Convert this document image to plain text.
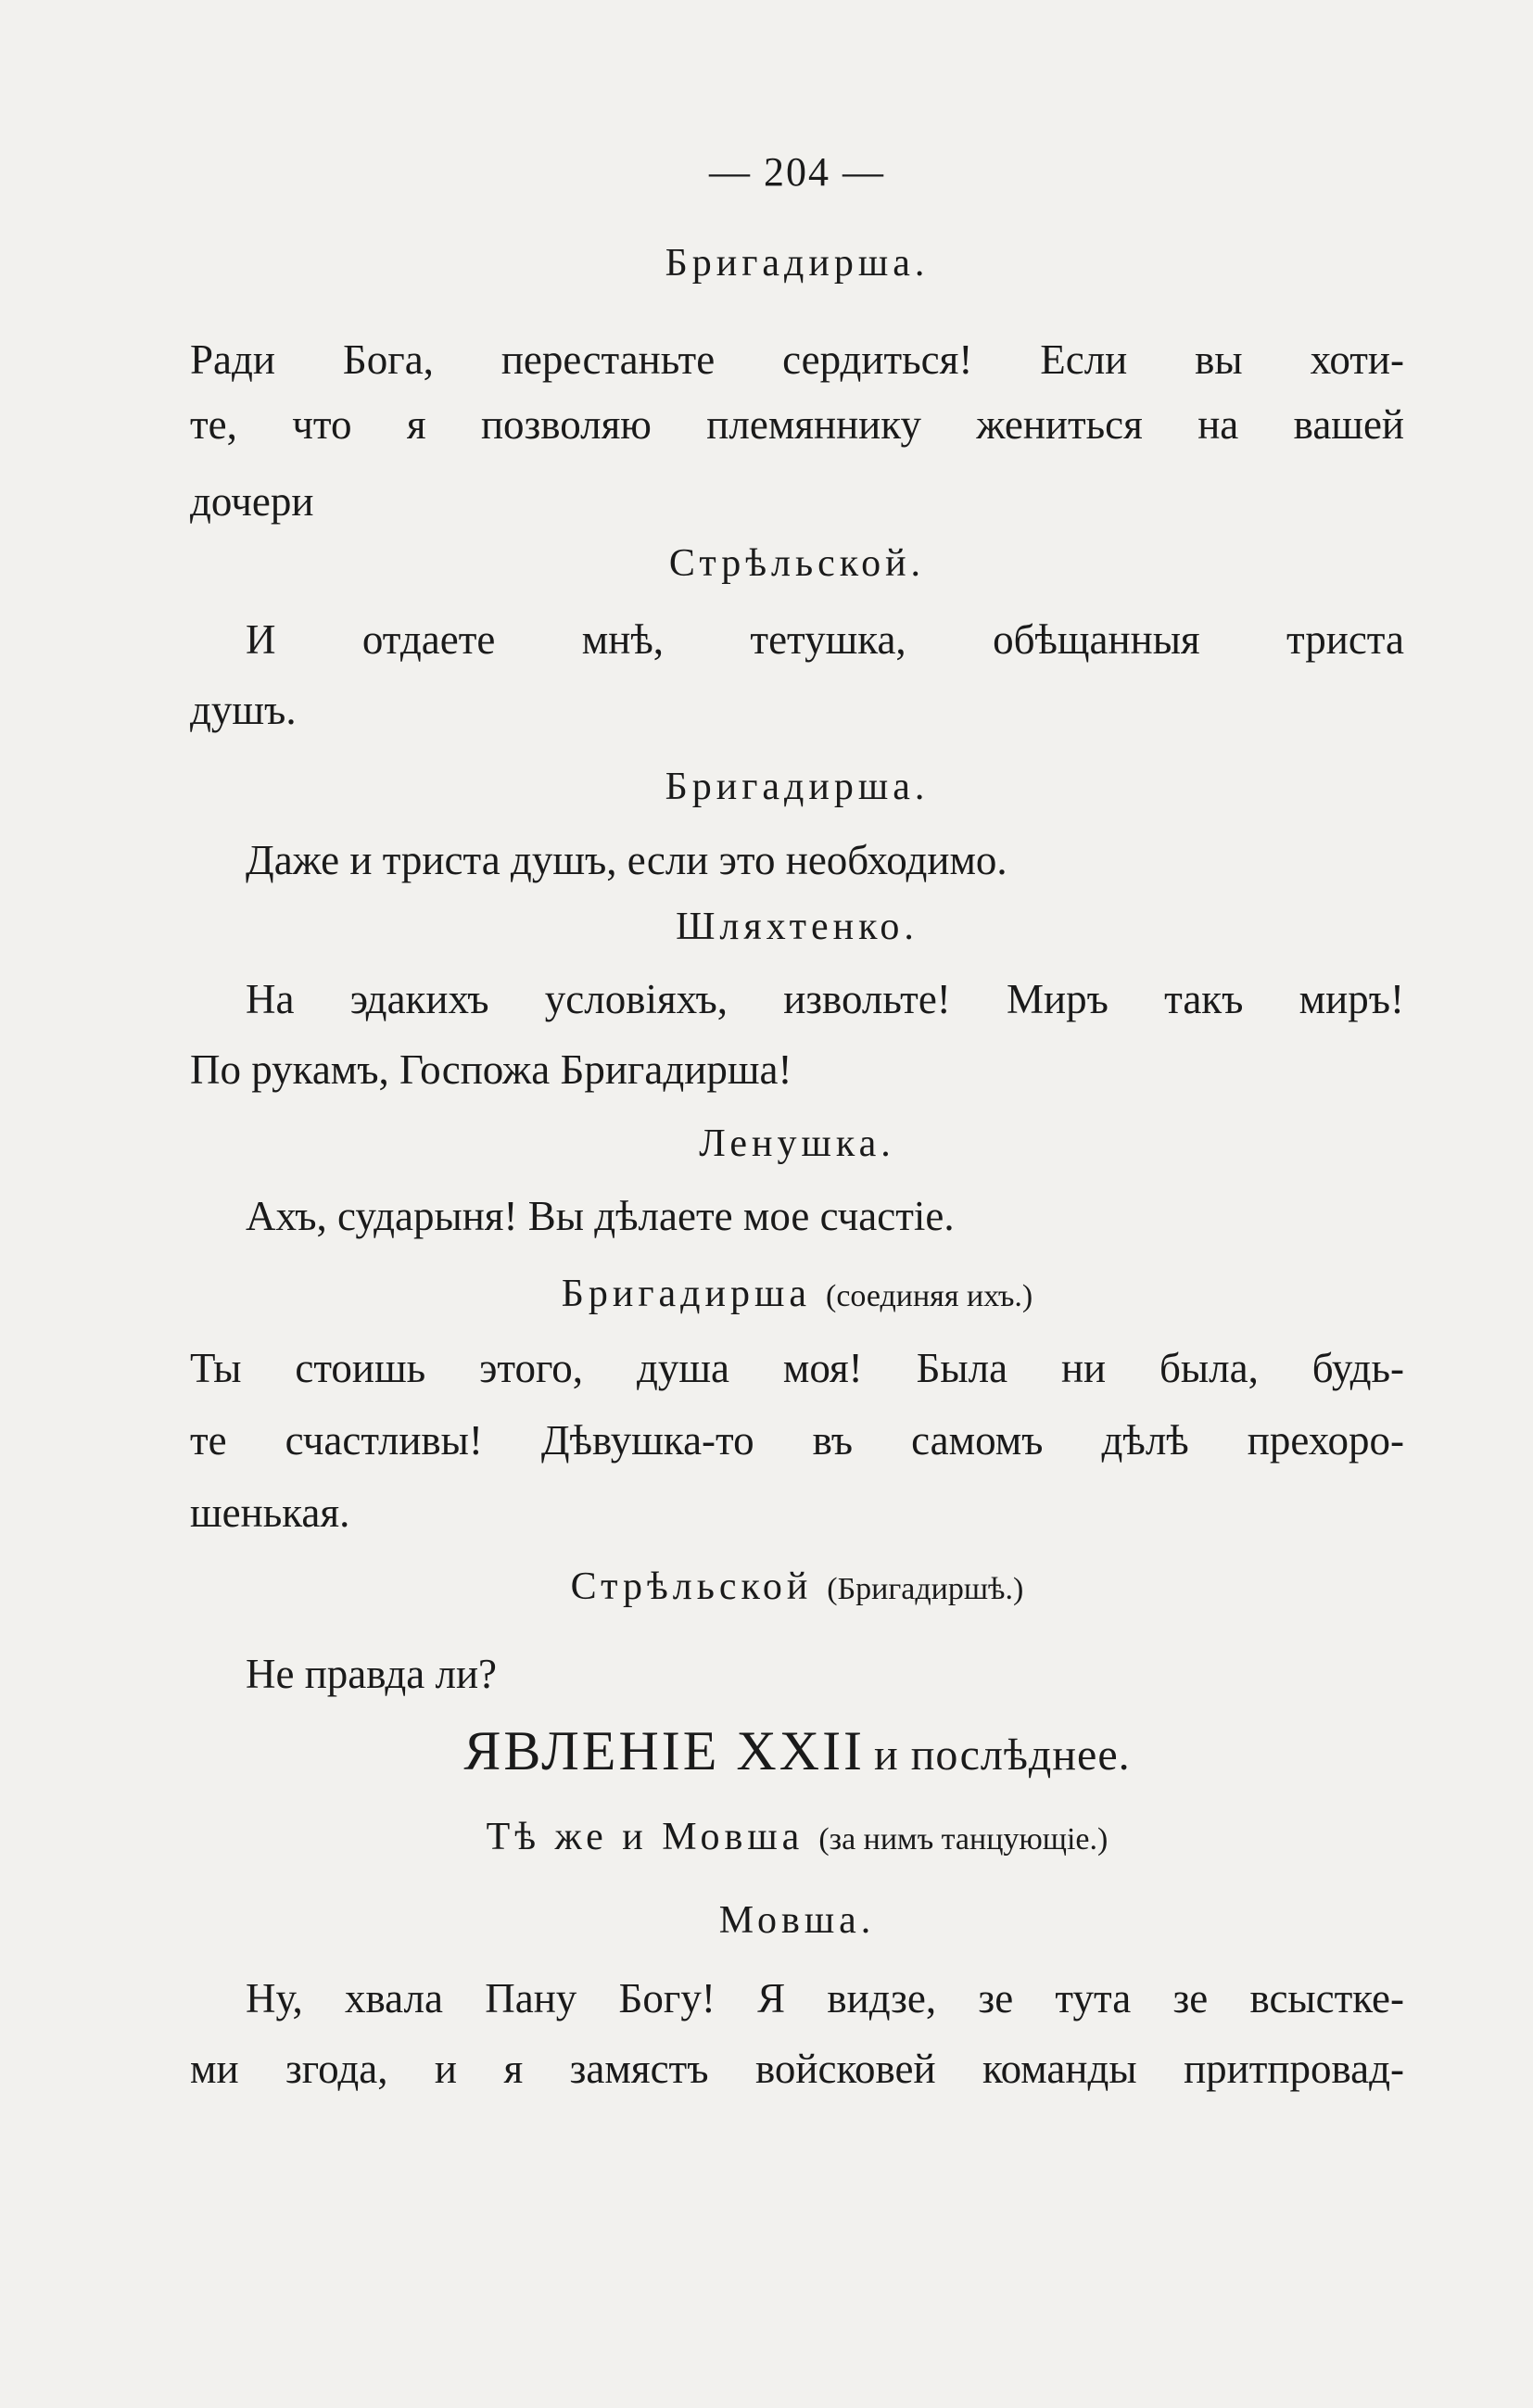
— 204 —
Бригадирша.
Ради Бога, перестаньте сердиться! Если вы хоти-
те, что я позволяю племяннику жениться на вашей
дочери
Стрѣльской.
И отдаете мнѣ, тетушка, обѣщанныя триста
душъ.
Бригадирша.
Даже и триста душъ, если это необходимо.
Шляхтенко.
На эдакихъ условіяхъ, извольте! Миръ такъ миръ!
По рукамъ, Госпожа Бригадирша!
Ленушка.
Ахъ, сударыня! Вы дѣлаете мое счастіе.
Бригадирша (соединяя ихъ.)
Ты стоишь этого, душа моя! Была ни была, будь-
те счастливы! Дѣвушка-то въ самомъ дѣлѣ прехоро-
шенькая.
Стрѣльской (Бригадиршѣ.)
Не правда ли?
ЯВЛЕНІЕ XXII и послѣднее.
Тѣ же и Мовша (за нимъ танцующіе.)
Мовша.
Ну, хвала Пану Богу! Я видзе, зе тута зе всыстке-
ми згода, и я замястъ войсковей команды притпровад-
